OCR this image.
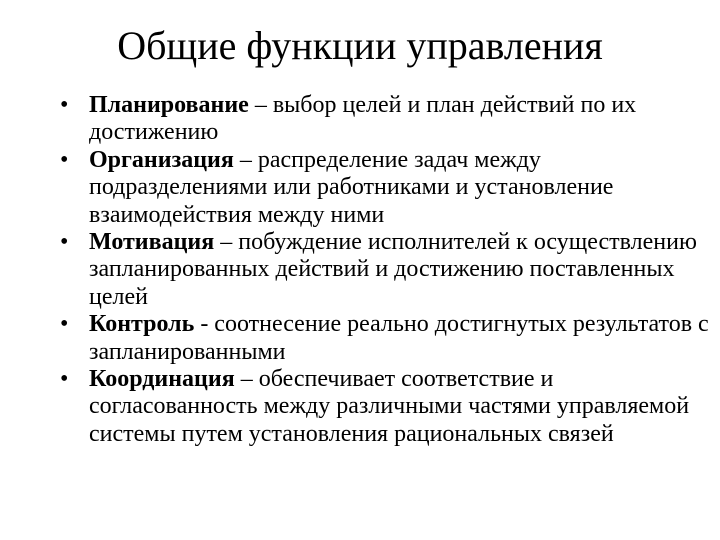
Общие функции управления
• Планирование – выбор целей и план действий по их достижению
• Организация – распределение задач между подразделениями или работниками и установление взаимодействия между ними
• Мотивация – побуждение исполнителей к осуществлению запланированных действий и достижению поставленных целей
• Контроль - соотнесение реально достигнутых результатов с запланированными
• Координация – обеспечивает соответствие и согласованность между различными частями управляемой системы путем установления рациональных связей
